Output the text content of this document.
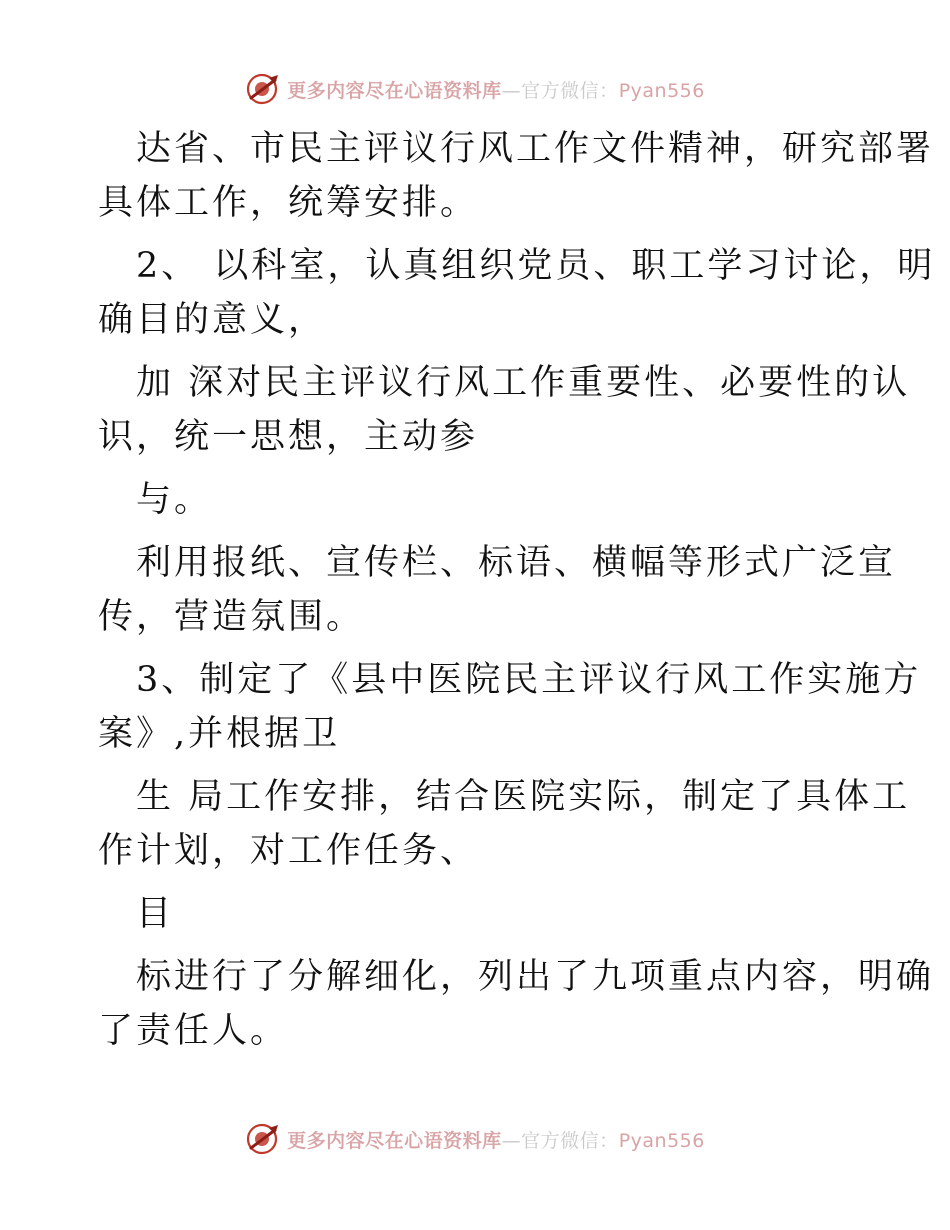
更多内容尽在心语资料库—官方微信：Pyan556
达省、市民主评议行风工作文件精神，研究部署
具体工作，统筹安排。
2、 以科室，认真组织党员、职工学习讨论，明
确目的意义，
加 深对民主评议行风工作重要性、必要性的认
识，统一思想，主动参
与。
利用报纸、宣传栏、标语、横幅等形式广泛宣
传，营造氛围。
3、制定了《县中医院民主评议行风工作实施方
案》,并根据卫
生 局工作安排，结合医院实际，制定了具体工
作计划，对工作任务、
目
标进行了分解细化，列出了九项重点内容，明确
了责任人。
更多内容尽在心语资料库—官方微信：Pyan556
